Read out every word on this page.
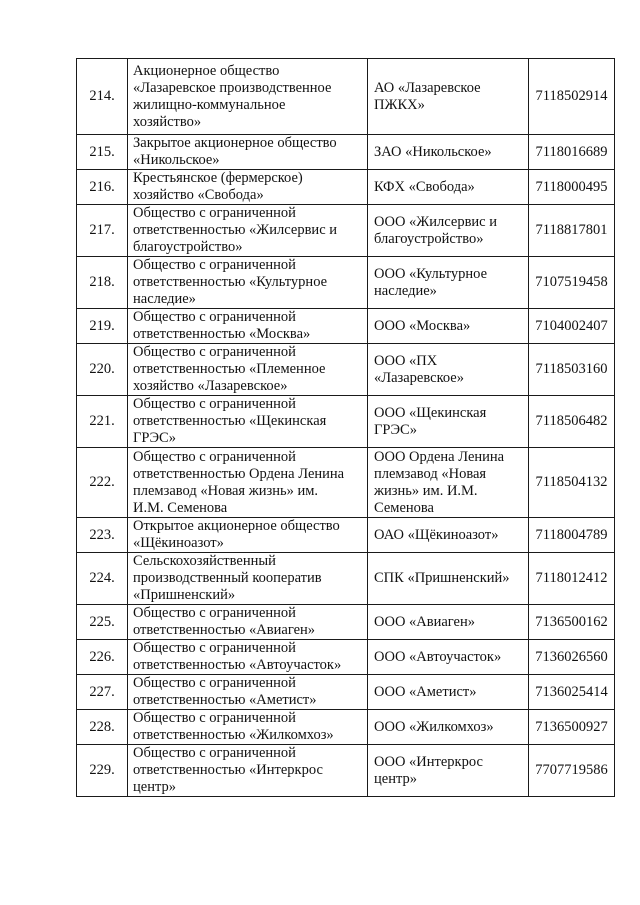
214.	Акционерное общество
«Лазаревское производственное
жилищно-коммунальное
хозяйство»	АО «Лазаревское
ПЖКХ»	7118502914

215.	Закрытое акционерное общество
«Никольское»	ЗАО «Никольское»	7118016689

216.	Крестьянское (фермерское)
хозяйство «Свобода»	КФХ «Свобода»	7118000495

217.	Общество с ограниченной
ответственностью «Жилсервис и
благоустройство»	ООО «Жилсервис и
благоустройство»	7118817801

218.	Общество с ограниченной
ответственностью «Культурное
наследие»	ООО «Культурное
наследие»	7107519458

219.	Общество с ограниченной
ответственностью «Москва»	ООО «Москва»	7104002407

220.	Общество с ограниченной
ответственностью «Племенное
хозяйство «Лазаревское»	ООО «ПХ
«Лазаревское»	7118503160

221.	Общество с ограниченной
ответственностью «Щекинская
ГРЭС»	ООО «Щекинская
ГРЭС»	7118506482

222.	Общество с ограниченной
ответственностью Ордена Ленина
племзавод «Новая жизнь» им.
И.М. Семенова	ООО Ордена Ленина
племзавод «Новая
жизнь» им. И.М.
Семенова	7118504132

223.	Открытое акционерное общество
«Щёкиноазот»	ОАО «Щёкиноазот»	7118004789

224.	Сельскохозяйственный
производственный кооператив
«Пришненский»	СПК «Пришненский»	7118012412

225.	Общество с ограниченной
ответственностью «Авиаген»	ООО «Авиаген»	7136500162

226.	Общество с ограниченной
ответственностью «Автоучасток»	ООО «Автоучасток»	7136026560

227.	Общество с ограниченной
ответственностью «Аметист»	ООО «Аметист»	7136025414

228.	Общество с ограниченной
ответственностью «Жилкомхоз»	ООО «Жилкомхоз»	7136500927

229.	Общество с ограниченной
ответственностью «Интеркрос
центр»	ООО «Интеркрос
центр»	7707719586
